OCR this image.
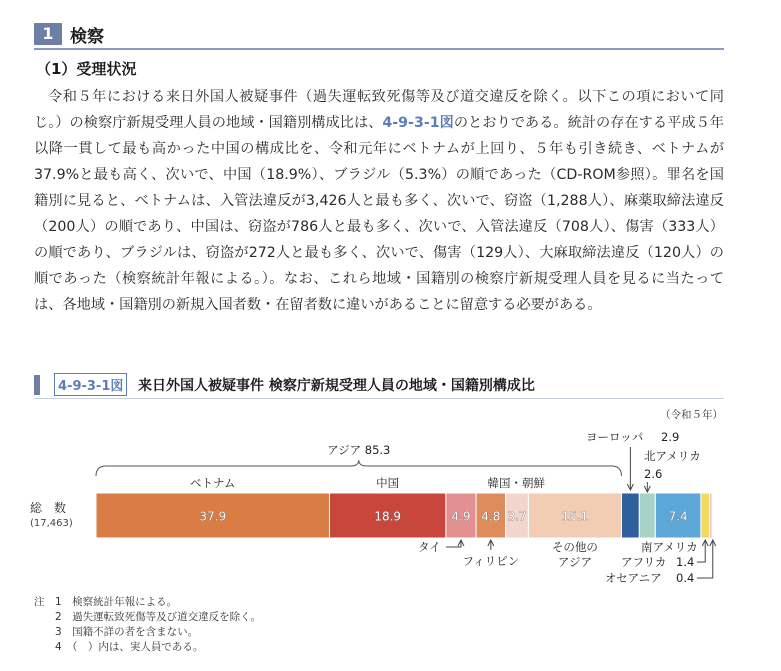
1 検察
（1）受理状況
令和５年における来日外国人被疑事件（過失運転致死傷等及び道交違反を除く。以下この項において同じ。）の検察庁新規受理人員の地域・国籍別構成比は、4-9-3-1図のとおりである。統計の存在する平成５年以降一貫して最も高かった中国の構成比を、令和元年にベトナムが上回り、５年も引き続き、ベトナムが37.9%と最も高く、次いで、中国（18.9%）、ブラジル（5.3%）の順であった（CD-ROM参照）。罪名を国籍別に見ると、ベトナムは、入管法違反が3,426人と最も多く、次いで、窃盗（1,288人）、麻薬取締法違反（200人）の順であり、中国は、窃盗が786人と最も多く、次いで、入管法違反（708人）、傷害（333人）の順であり、ブラジルは、窃盗が272人と最も多く、次いで、傷害（129人）、大麻取締法違反（120人）の順であった（検察統計年報による。）。なお、これら地域・国籍別の検察庁新規受理人員を見るに当たっては、各地域・国籍別の新規入国者数・在留者数に違いがあることに留意する必要がある。
4-9-3-1図 来日外国人被疑事件 検察庁新規受理人員の地域・国籍別構成比
（令和５年）
総　数
(17,463)	37.9	18.9	4.9 4.8 3.7	15.1	7.4
ベトナム	中国	韓国・朝鮮
アジア 85.3
ヨーロッパ 2.9
北アメリカ
2.6
タイ
フィリピン
その他の
アジア
南アメリカ
アフリカ 1.4
オセアニア 0.4
注　1　検察統計年報による。
　　2　過失運転致死傷等及び道交違反を除く。
　　3　国籍不詳の者を含まない。
　　4　（　）内は、実人員である。
